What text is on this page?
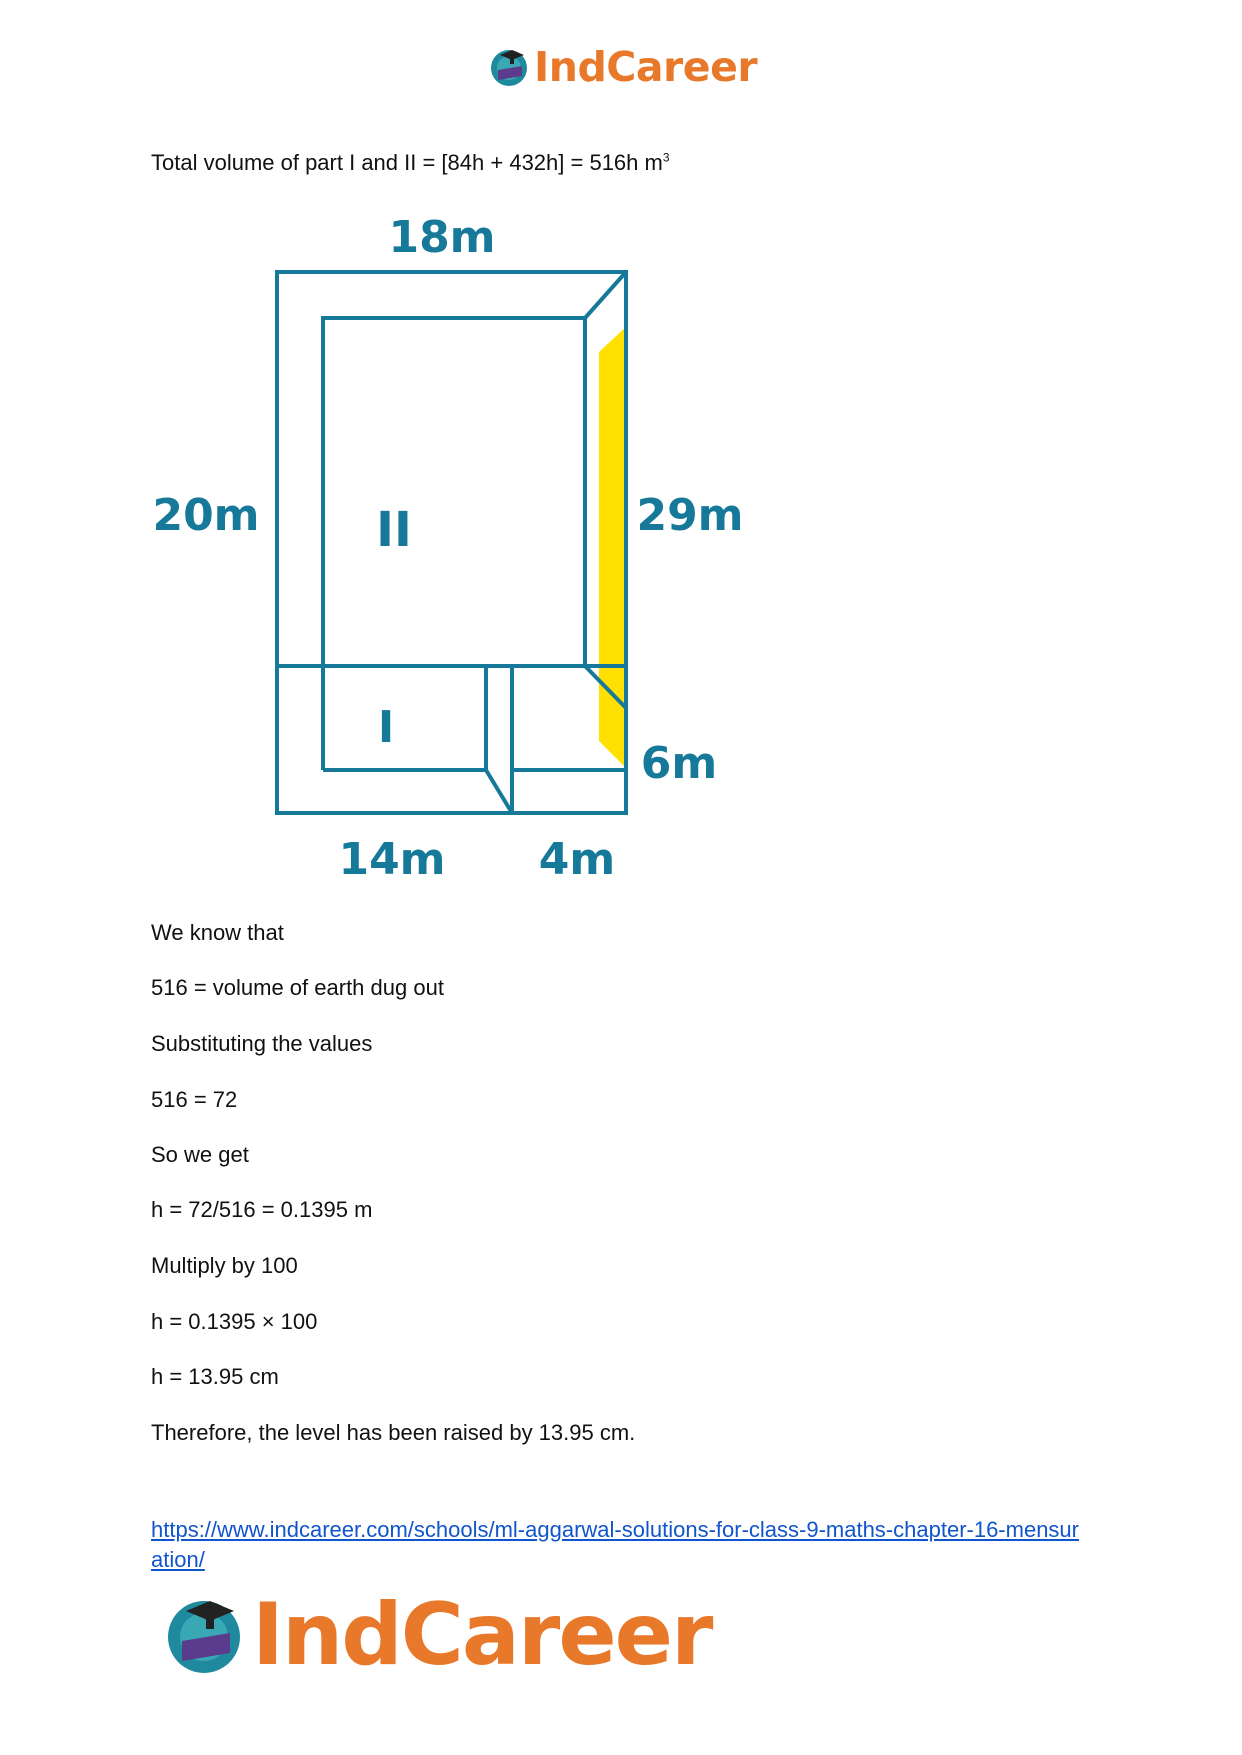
IndCareer
Total volume of part I and II = [84h + 432h] = 516h $m^3$
18m
20m	29m
6m
14m 4m
II
I
We know that
516 = volume of earth dug out
Substituting the values
516 = 72
So we get
h = 72/516 = 0.1395 m
Multiply by 100
h = 0.1395 × 100
h = 13.95 cm
Therefore, the level has been raised by 13.95 cm.
https://www.indcareer.com/schools/ml-aggarwal-solutions-for-class-9-maths-chapter-16-mensuration/
IndCareer
